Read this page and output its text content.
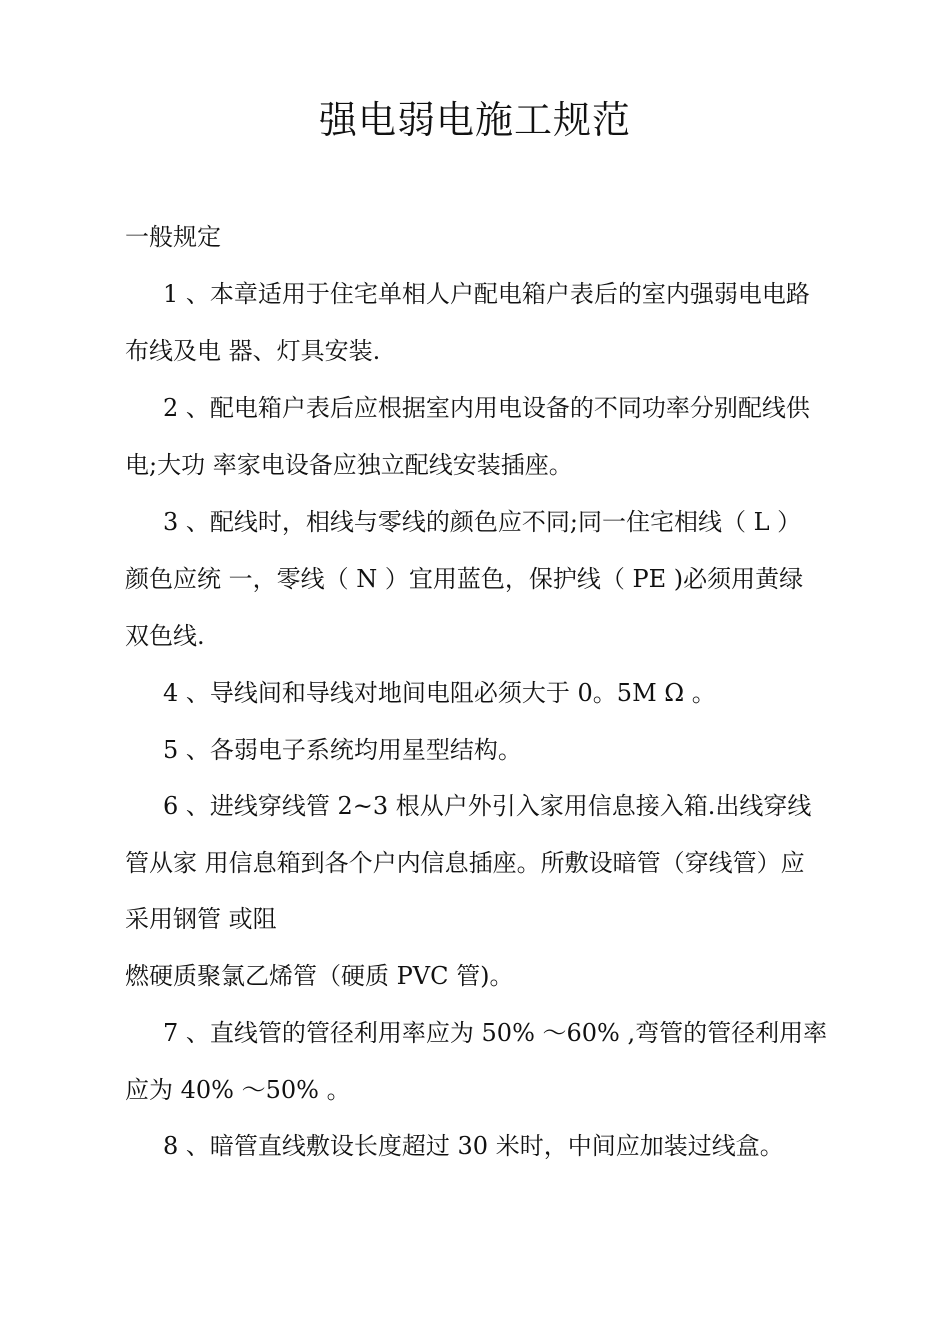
强电弱电施工规范
一般规定
1 、本章适用于住宅单相人户配电箱户表后的室内强弱电电路
布线及电 器、灯具安装.
2 、配电箱户表后应根据室内用电设备的不同功率分别配线供
电;大功 率家电设备应独立配线安装插座。
3 、配线时，相线与零线的颜色应不同;同一住宅相线（ L ）
颜色应统 一，零线（ N ）宜用蓝色，保护线（ PE )必须用黄绿
双色线.
4 、导线间和导线对地间电阻必须大于 0。5M Ω 。
5 、各弱电子系统均用星型结构。
6 、进线穿线管 2~3 根从户外引入家用信息接入箱.出线穿线
管从家 用信息箱到各个户内信息插座。所敷设暗管（穿线管）应
采用钢管 或阻
燃硬质聚氯乙烯管（硬质 PVC 管)。
7 、直线管的管径利用率应为 50% ～60% ,弯管的管径利用率
应为 40% ～50% 。
8 、暗管直线敷设长度超过 30 米时，中间应加装过线盒。
